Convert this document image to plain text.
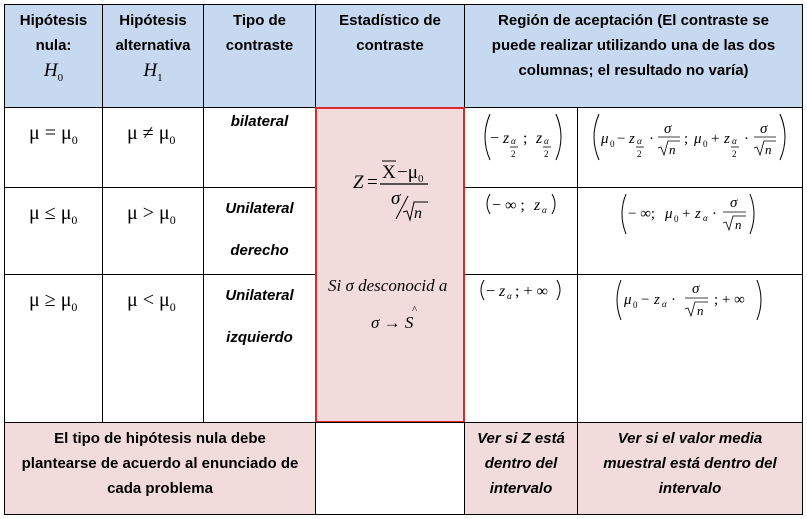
Hipótesis
nula:
$H_0$
Hipótesis
alternativa
$H_1$
Tipo de
contraste
Estadístico de
contraste
Región de aceptación (El contraste se
puede realizar utilizando una de las dos
columnas; el resultado no varía)
$\mu = \mu_0$ $\mu \ne \mu_0$
bilateral
$\mu \le \mu_0$ $\mu > \mu_0$
Unilateral
derecho
$\mu \ge \mu_0$ $\mu < \mu_0$
Unilateral
izquierdo
El tipo de hipótesis nula debe
plantearse de acuerdo al enunciado de
cada problema
Ver si Z está
dentro del
intervalo
Ver si el valor media
muestral está dentro del
intervalo
Z = X −μ 0
σ
n
Si σ desconocid a
σ → S
^
− z α
2
; z α
2
μ 0 − z α
2
·
σ
n
; μ 0 + z α
2
·
σ
n
− ∞ ; z α	− ∞; μ 0 + z α ·
σ
n
− z α ; + ∞	μ 0 − z α ·
σ
n
; + ∞
